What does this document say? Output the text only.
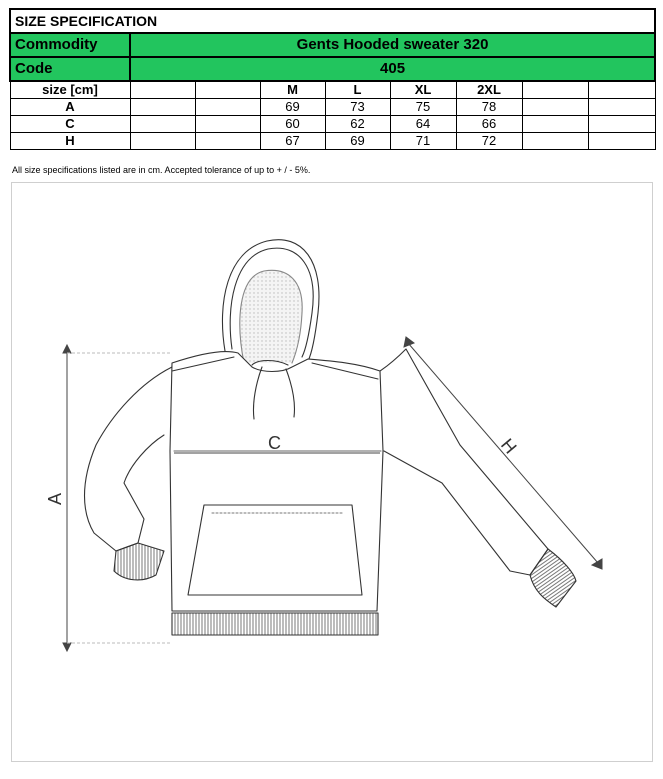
SIZE SPECIFICATION								
Commodity	Gents Hooded sweater 320							
Code	405							
size [cm]			M	L	XL	2XL		
A			69	73	75	78		
C			60	62	64	66		
H			67	69	71	72		
All size specifications listed are in cm. Accepted tolerance of up to + / - 5%.
A
C	H
